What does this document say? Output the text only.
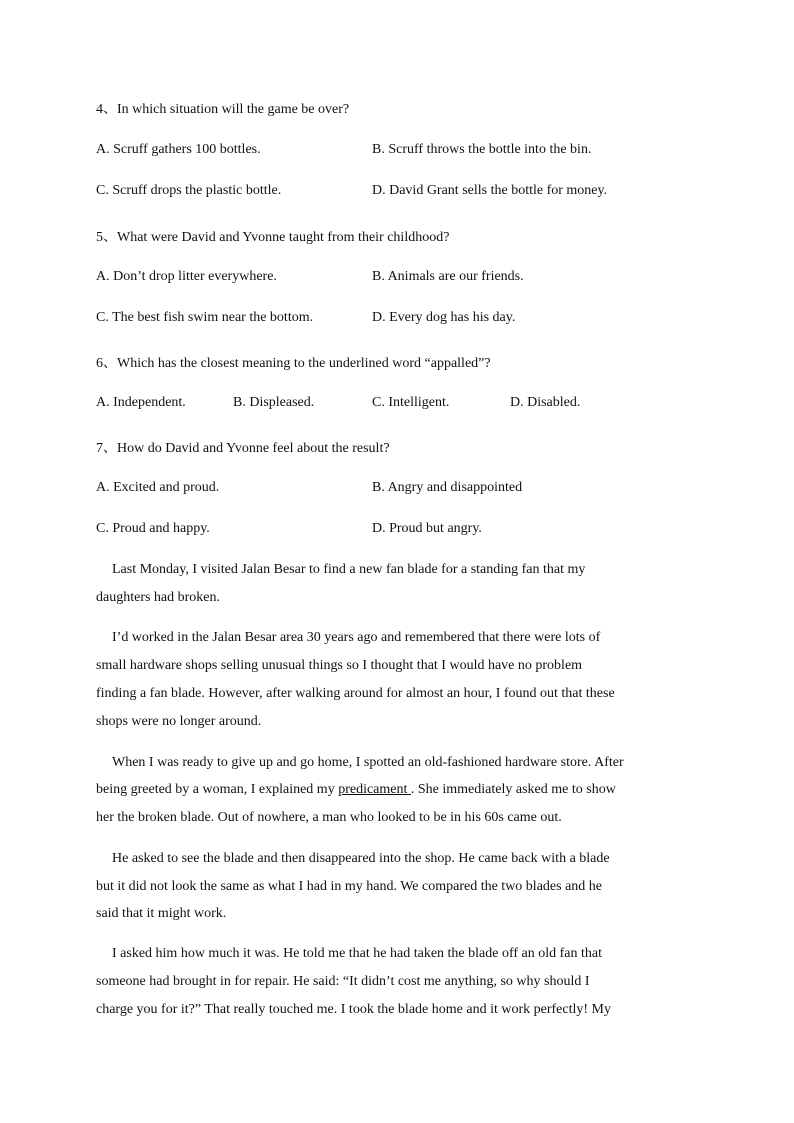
4、In which situation will the game be over?
A. Scruff gathers 100 bottles.	B. Scruff throws the bottle into the bin.
C. Scruff drops the plastic bottle.	D. David Grant sells the bottle for money.
5、What were David and Yvonne taught from their childhood?
A. Don’t drop litter everywhere.	B. Animals are our friends.
C. The best fish swim near the bottom.	D. Every dog has his day.
6、Which has the closest meaning to the underlined word “appalled”?
A. Independent.	B. Displeased.	C. Intelligent.	D. Disabled.
7、How do David and Yvonne feel about the result?
A. Excited and proud.	B. Angry and disappointed
C. Proud and happy.	D. Proud but angry.
Last Monday, I visited Jalan Besar to find a new fan blade for a standing fan that my
daughters had broken.
I’d worked in the Jalan Besar area 30 years ago and remembered that there were lots of
small hardware shops selling unusual things so I thought that I would have no problem
finding a fan blade. However, after walking around for almost an hour, I found out that these
shops were no longer around.
When I was ready to give up and go home, I spotted an old-fashioned hardware store. After
being greeted by a woman, I explained my predicament . She immediately asked me to show
her the broken blade. Out of nowhere, a man who looked to be in his 60s came out.
He asked to see the blade and then disappeared into the shop. He came back with a blade
but it did not look the same as what I had in my hand. We compared the two blades and he
said that it might work.
I asked him how much it was. He told me that he had taken the blade off an old fan that
someone had brought in for repair. He said: “It didn’t cost me anything, so why should I
charge you for it?” That really touched me. I took the blade home and it work perfectly! My
